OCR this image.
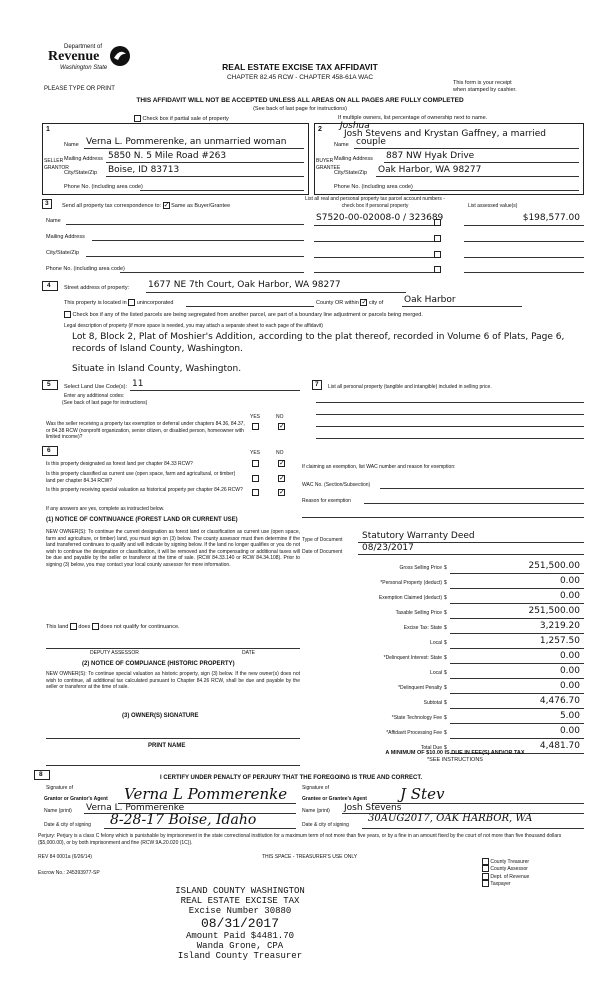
Department of
Revenue
Washington State
PLEASE TYPE OR PRINT
REAL ESTATE EXCISE TAX AFFIDAVIT
CHAPTER 82.45 RCW - CHAPTER 458-61A WAC
This form is your receipt
when stamped by cashier.
THIS AFFIDAVIT WILL NOT BE ACCEPTED UNLESS ALL AREAS ON ALL PAGES ARE FULLY COMPLETED
(See back of last page for instructions)
Check box if partial sale of property	If multiple owners, list percentage of ownership next to name.
1
SELLER
GRANTOR
Name Verna L. Pommerenke, an unmarried woman
Mailing Address 5850 N. 5 Mile Road #263
City/State/Zip Boise, ID 83713
Phone No. (including area code)
2 Joshua
Josh Stevens and Krystan Gaffney, a married
BUYER
GRANTEE
Name couple
Mailing Address 887 NW Hyak Drive
City/State/Zip Oak Harbor, WA 98277
Phone No. (including area code)
3 Send all property tax correspondence to: ✓ Same as Buyer/Grantee
List all real and personal property tax parcel account numbers - check box if personal property	List assessed value(s)
Name	S7520-00-02008-0 / 323689	$198,577.00
Mailing Address
City/State/Zip
Phone No. (including area code)
4 Street address of property: 1677 NE 7th Court, Oak Harbor, WA 98277
This property is located in unincorporated	County OR within ✓ city of Oak Harbor
Check box if any of the listed parcels are being segregated from another parcel, are part of a boundary line adjustment or parcels being merged.
Legal description of property (if more space is needed, you may attach a separate sheet to each page of the affidavit)
Lot 8, Block 2, Plat of Moshier's Addition, according to the plat thereof, recorded in Volume 6 of Plats, Page 6,
records of Island County, Washington.
Situate in Island County, Washington.
5 Select Land Use Code(s): 11
Enter any additional codes:
(See back of last page for instructions)
YES	NO
Was the seller receiving a property tax exemption or deferral under chapters 84.36, 84.37, or 84.38 RCW (nonprofit organization, senior citizen, or disabled person, homeowner with limited income)?
✓
6	YES	NO
Is this property designated as forest land per chapter 84.33 RCW?	✓
Is this property classified as current use (open space, farm and agricultural, or timber) land per chapter 84.34 RCW?	✓
Is this property receiving special valuation as historical property per chapter 84.26 RCW?	✓
If any answers are yes, complete as instructed below.
(1) NOTICE OF CONTINUANCE (FOREST LAND OR CURRENT USE)
NEW OWNER(S): To continue the current designation as forest land or classification as current use (open space, farm and agriculture, or timber) land, you must sign on (3) below. The county assessor must then determine if the land transferred continues to qualify and will indicate by signing below. If the land no longer qualifies or you do not wish to continue the designation or classification, it will be removed and the compensating or additional taxes will be due and payable by the seller or transferor at the time of sale. (RCW 84.33.140 or RCW 84.34.108). Prior to signing (3) below, you may contact your local county assessor for more information.
This land does does not qualify for continuance.
DEPUTY ASSESSOR	DATE
(2) NOTICE OF COMPLIANCE (HISTORIC PROPERTY)
NEW OWNER(S): To continue special valuation as historic property, sign (3) below. If the new owner(s) does not wish to continue, all additional tax calculated pursuant to Chapter 84.26 RCW, shall be due and payable by the seller or transferor at the time of sale.
(3) OWNER(S) SIGNATURE
PRINT NAME
7 List all personal property (tangible and intangible) included in selling price.
If claiming an exemption, list WAC number and reason for exemption:
WAC No. (Section/Subsection)
Reason for exemption
Type of Document Statutory Warranty Deed
Date of Document 08/23/2017
Gross Selling Price $	251,500.00
*Personal Property (deduct) $	0.00
Exemption Claimed (deduct) $	0.00
Taxable Selling Price $	251,500.00
Excise Tax: State $	3,219.20
Local $	1,257.50
*Delinquent Interest: State $	0.00
Local $	0.00
*Delinquent Penalty $	0.00
Subtotal $	4,476.70
*State Technology Fee $	5.00
*Affidavit Processing Fee $	0.00
Total Due $	4,481.70
A MINIMUM OF $10.00 IS DUE IN FEE(S) AND/OR TAX
*SEE INSTRUCTIONS
8	I CERTIFY UNDER PENALTY OF PERJURY THAT THE FOREGOING IS TRUE AND CORRECT.
Signature of
Grantor or Grantor's Agent Verna L Pommerenke
Name (print) Verna L. Pommerenke
Date & city of signing 8-28-17 Boise, Idaho
Signature of
Grantee or Grantee's Agent J Stev
Name (print) Josh Stevens
Date & city of signing
30AUG2017, OAK HARBOR, WA
Perjury: Perjury is a class C felony which is punishable by imprisonment in the state correctional institution for a maximum term of not more than five years, or by a fine in an amount fixed by the court of not more than five thousand dollars ($5,000.00), or by both imprisonment and fine (RCW 9A.20.020 (1C)).
REV 84 0001a (6/26/14)	THIS SPACE - TREASURER'S USE ONLY
Escrow No.: 245393977-SP
County Treasurer
County Assessor
Dept. of Revenue
Taxpayer
ISLAND COUNTY WASHINGTON
REAL ESTATE EXCISE TAX
Excise Number 30880
08/31/2017
Amount Paid $4481.70
Wanda Grone, CPA
Island County Treasurer
